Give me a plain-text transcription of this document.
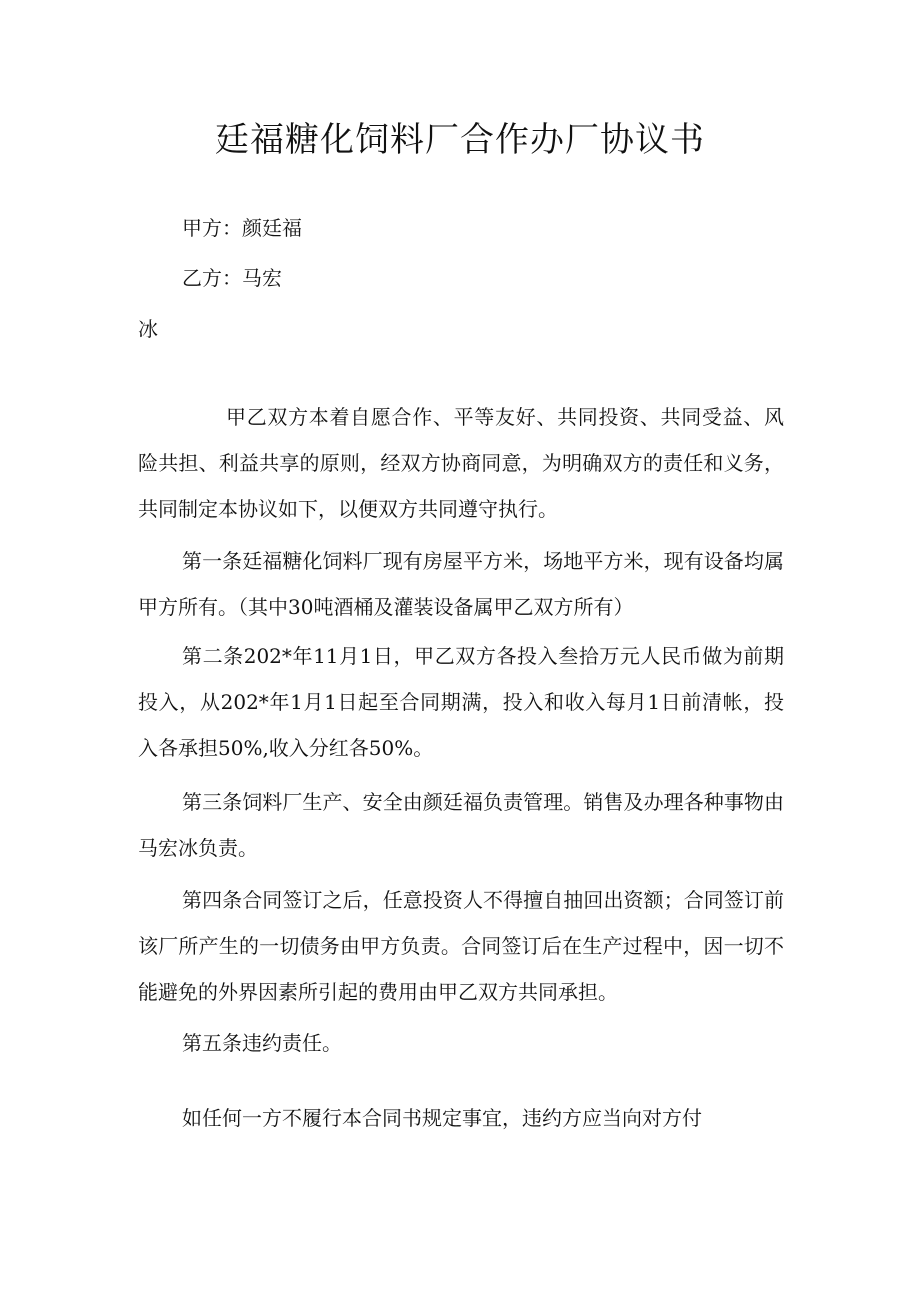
廷福糖化饲料厂合作办厂协议书

甲方：颜廷福

乙方：马宏

冰

甲乙双方本着自愿合作、平等友好、共同投资、共同受益、风险共担、利益共享的原则，经双方协商同意，为明确双方的责任和义务，共同制定本协议如下，以便双方共同遵守执行。

第一条廷福糖化饲料厂现有房屋平方米，场地平方米，现有设备均属甲方所有。（其中30吨酒桶及灌装设备属甲乙双方所有）

第二条202*年11月1日，甲乙双方各投入叁拾万元人民币做为前期投入，从202*年1月1日起至合同期满，投入和收入每月1日前清帐，投入各承担50%,收入分红各50%。

第三条饲料厂生产、安全由颜廷福负责管理。销售及办理各种事物由马宏冰负责。

第四条合同签订之后，任意投资人不得擅自抽回出资额；合同签订前该厂所产生的一切债务由甲方负责。合同签订后在生产过程中，因一切不能避免的外界因素所引起的费用由甲乙双方共同承担。

第五条违约责任。

如任何一方不履行本合同书规定事宜，违约方应当向对方付
